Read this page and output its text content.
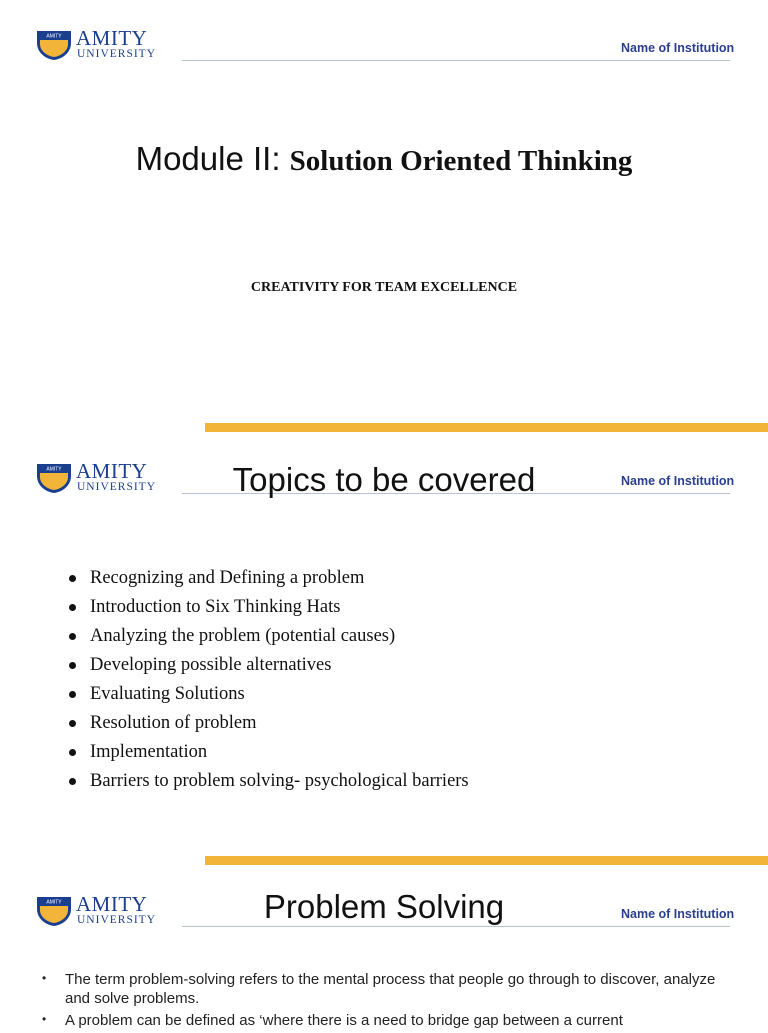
AMITY AMITY
UNIVERSITY	Name of Institution
Module II: Solution Oriented Thinking
CREATIVITY FOR TEAM EXCELLENCE
AMITY AMITY
UNIVERSITY	Name of Institution
Topics to be covered
Recognizing and Defining a problem
Introduction to Six Thinking Hats
Analyzing the problem (potential causes)
Developing possible alternatives
Evaluating Solutions
Resolution of problem
Implementation
Barriers to problem solving- psychological barriers
AMITY AMITY
UNIVERSITY	Name of Institution
Problem Solving
• The term problem-solving refers to the mental process that people go through to discover, analyze and solve problems.
• A problem can be defined as ‘where there is a need to bridge gap between a current
